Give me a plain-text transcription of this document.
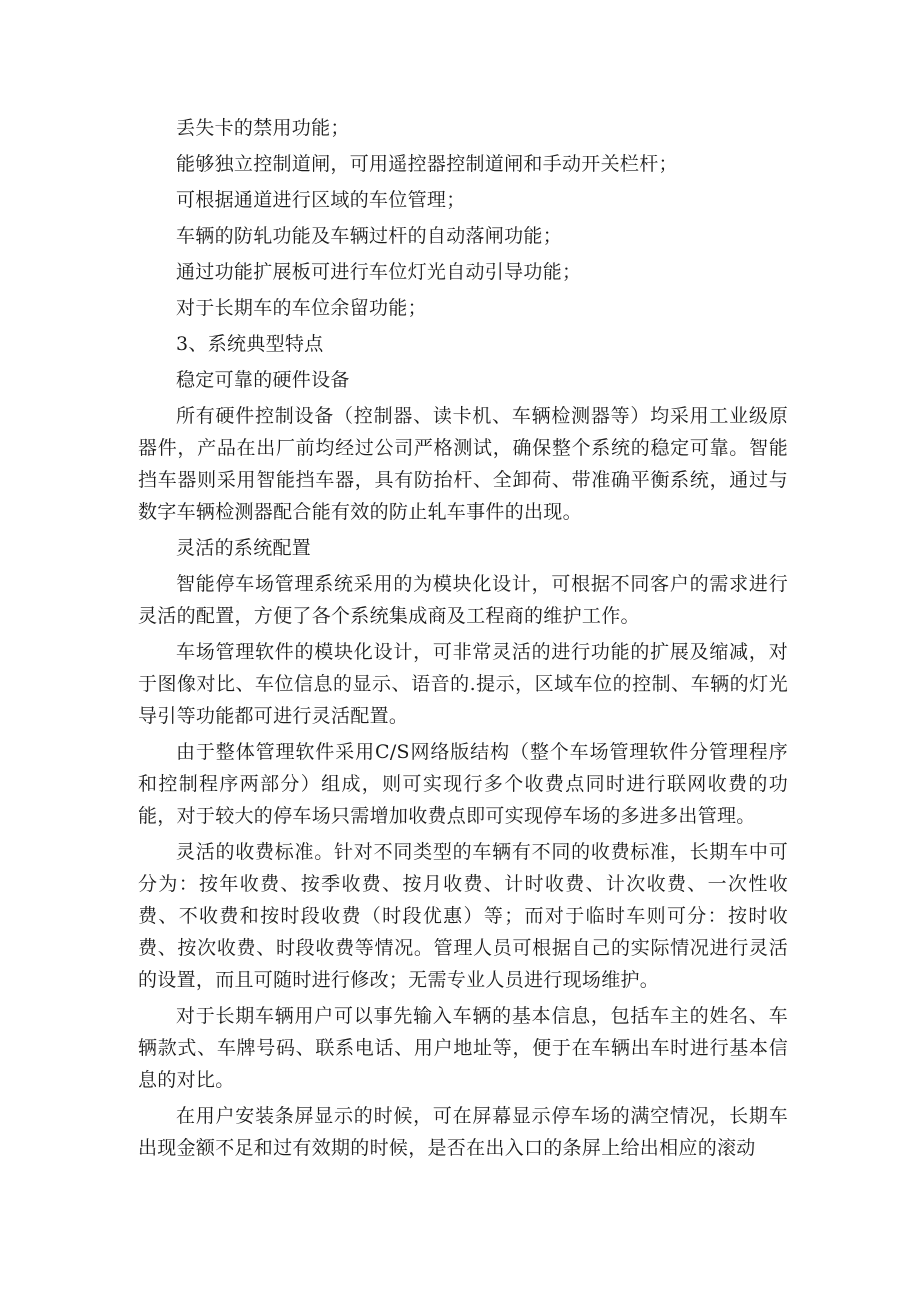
丢失卡的禁用功能；

能够独立控制道闸，可用遥控器控制道闸和手动开关栏杆；

可根据通道进行区域的车位管理；

车辆的防轧功能及车辆过杆的自动落闸功能；

通过功能扩展板可进行车位灯光自动引导功能；

对于长期车的车位余留功能；

3、系统典型特点

稳定可靠的硬件设备

所有硬件控制设备（控制器、读卡机、车辆检测器等）均采用工业级原器件，产品在出厂前均经过公司严格测试，确保整个系统的稳定可靠。智能挡车器则采用智能挡车器，具有防抬杆、全卸荷、带准确平衡系统，通过与数字车辆检测器配合能有效的防止轧车事件的出现。

灵活的系统配置

智能停车场管理系统采用的为模块化设计，可根据不同客户的需求进行灵活的配置，方便了各个系统集成商及工程商的维护工作。

车场管理软件的模块化设计，可非常灵活的进行功能的扩展及缩减，对于图像对比、车位信息的显示、语音的.提示，区域车位的控制、车辆的灯光导引等功能都可进行灵活配置。

由于整体管理软件采用C/S网络版结构（整个车场管理软件分管理程序和控制程序两部分）组成，则可实现行多个收费点同时进行联网收费的功能，对于较大的停车场只需增加收费点即可实现停车场的多进多出管理。

灵活的收费标准。针对不同类型的车辆有不同的收费标准，长期车中可分为：按年收费、按季收费、按月收费、计时收费、计次收费、一次性收费、不收费和按时段收费（时段优惠）等；而对于临时车则可分：按时收费、按次收费、时段收费等情况。管理人员可根据自己的实际情况进行灵活的设置，而且可随时进行修改；无需专业人员进行现场维护。

对于长期车辆用户可以事先输入车辆的基本信息，包括车主的姓名、车辆款式、车牌号码、联系电话、用户地址等，便于在车辆出车时进行基本信息的对比。

在用户安装条屏显示的时候，可在屏幕显示停车场的满空情况，长期车出现金额不足和过有效期的时候，是否在出入口的条屏上给出相应的滚动
